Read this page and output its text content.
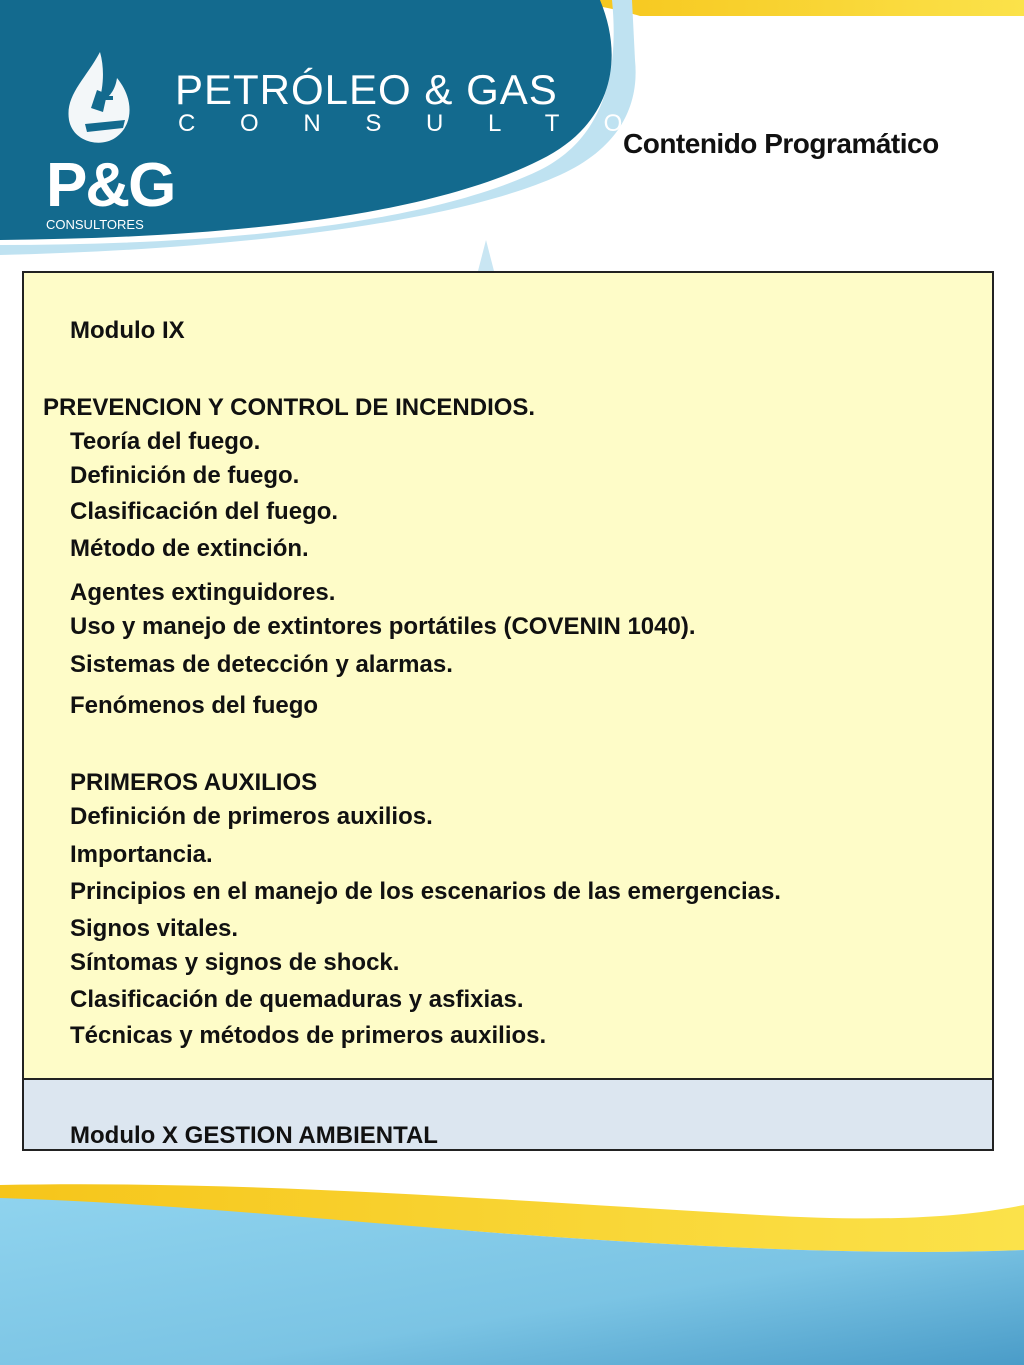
P&G
CONSULTORES
PETRÓLEO & GAS
C O N S U L T O R E S
Contenido Programático
Modulo IX
PREVENCION Y CONTROL DE INCENDIOS.
Teoría del fuego.
Definición de fuego.
Clasificación del fuego.
Método de extinción.
Agentes extinguidores.
Uso y manejo de extintores portátiles (COVENIN 1040).
Sistemas de detección y alarmas.
Fenómenos del fuego
PRIMEROS AUXILIOS
Definición de primeros auxilios.
Importancia.
Principios en el manejo de los escenarios de las emergencias.
Signos vitales.
Síntomas y signos de shock.
Clasificación de quemaduras y asfixias.
Técnicas y métodos de primeros auxilios.
Modulo X GESTION AMBIENTAL
